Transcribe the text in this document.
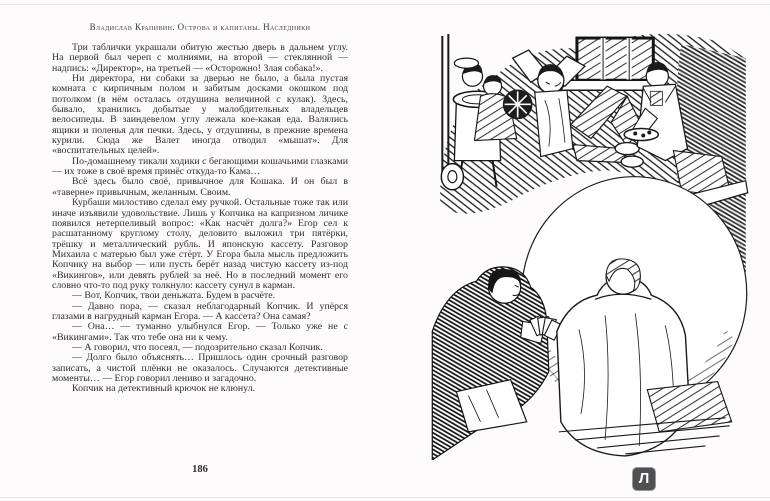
Владислав Крапивин. Острова и капитаны. Наследники

Три таблички украшали обитую жестью дверь в дальнем углу. На первой был череп с молниями, на второй — стеклянной — надпись: «Директор», на третьей — «Осторожно! Злая собака!».

Ни директора, ни собаки за дверью не было, а была пустая комната с кирпичным полом и забитым досками окошком под потолком (в нём осталась отдушина величиной с кулак). Здесь, бывало, хранились добытые у малобдительных владельцев велосипеды. В заиндевелом углу лежала кое-какая еда. Валялись ящики и поленья для печки. Здесь, у отдушины, в прежние времена курили. Сюда же Валет иногда отводил «мышат». Для «воспитательных целей».

По-домашнему тикали ходики с бегающими кошачьими глазками — их тоже в своё время принёс откуда-то Кама…

Всё здесь было своё, привычное для Кошака. И он был в «таверне» привычным, желанным. Своим.

Курбаши милостиво сделал ему ручкой. Остальные тоже так или иначе изъявили удовольствие. Лишь у Копчика на капризном личике появился нетерпеливый вопрос: «Как насчёт долга?» Егор сел к расшатанному круглому столу, деловито выложил три пятёрки, трёшку и металлический рубль. И японскую кассету. Разговор Михаила с матерью был уже стёрт. У Егора была мысль предложить Копчику на выбор — или пусть берёт назад чистую кассету из-под «Викингов», или девять рублей за неё. Но в последний момент его словно что-то под руку толкнуло: кассету сунул в карман.

— Вот, Копчик, твои деньжата. Будем в расчёте.

— Давно пора, — сказал неблагодарный Копчик. И упёрся глазами в нагрудный карман Егора. — А кассета? Она самая?

— Она… — туманно улыбнулся Егор. — Только уже не с «Викингами». Так что тебе она ни к чему.

— А говорил, что посеял, — подозрительно сказал Копчик.

— Долго было объяснять… Пришлось один срочный разговор записать, а чистой плёнки не оказалось. Случаются детективные моменты… — Егор говорил лениво и загадочно.

Копчик на детективный крючок не клюнул.

186
Л
